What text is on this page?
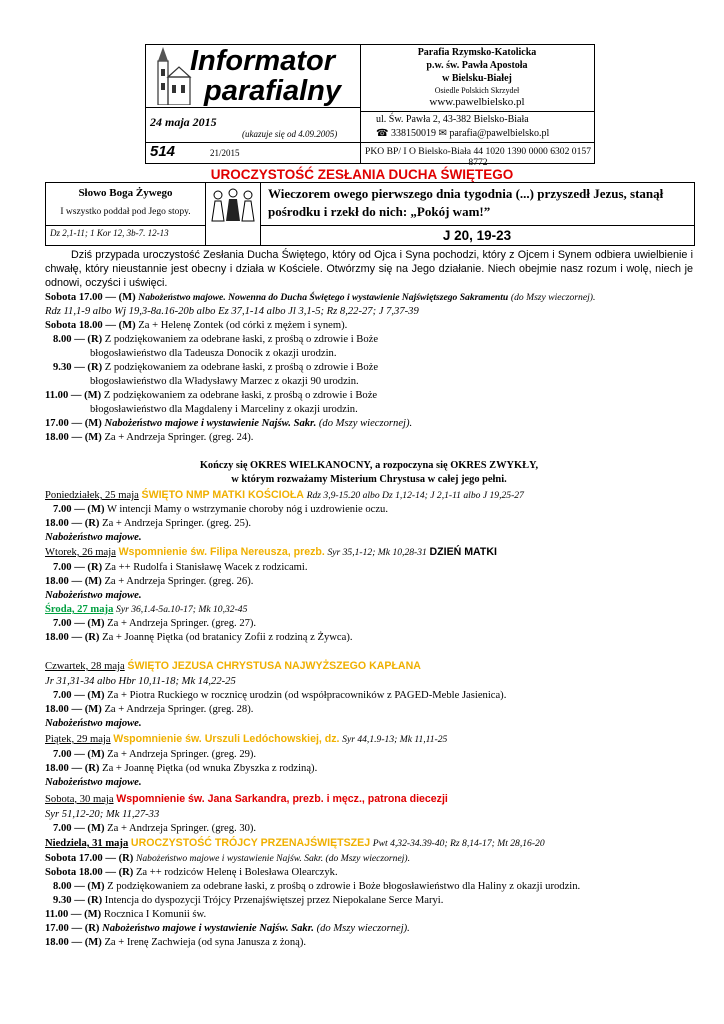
Informator
parafialny
24 maja 2015
(ukazuje się od 4.09.2005)
514	21/2015
Parafia Rzymsko-Katolicka
p.w. św. Pawła Apostoła
w Bielsku-Białej
Osiedle Polskich Skrzydeł
www.pawelbielsko.pl
ul. Św. Pawła 2, 43-382 Bielsko-Biała
☎ 338150019 ✉ parafia@pawelbielsko.pl
PKO BP/ I O Bielsko-Biała 44 1020 1390 0000 6302 0157 8772
UROCZYSTOŚĆ ZESŁANIA DUCHA ŚWIĘTEGO
Słowo Boga Żywego
I wszystko poddał pod Jego stopy.
Dz 2,1-11; 1 Kor 12, 3b-7. 12-13
Wieczorem owego pierwszego dnia tygodnia (...) przyszedł Jezus, stanął pośrodku i rzekł do nich: „Pokój wam!”
J 20, 19-23
Dziś przypada uroczystość Zesłania Ducha Świętego, który od Ojca i Syna pochodzi, który z Ojcem i Synem odbiera uwielbienie i chwałę, który nieustannie jest obecny i działa w Kościele. Otwórzmy się na Jego działanie. Niech obejmie nasz rozum i wolę, niech je odnowi, oczyści i uświęci.
Sobota 17.00 — (M) Nabożeństwo majowe. Nowenna do Ducha Świętego i wystawienie Najświętszego Sakramentu (do Mszy wieczornej).
Rdz 11,1-9 albo Wj 19,3-8a.16-20b albo Ez 37,1-14 albo Jl 3,1-5; Rz 8,22-27; J 7,37-39
Sobota 18.00 — (M) Za + Helenę Zontek (od córki z mężem i synem).
8.00 — (R) Z podziękowaniem za odebrane łaski, z prośbą o zdrowie i Boże
błogosławieństwo dla Tadeusza Donocik z okazji urodzin.
9.30 — (R) Z podziękowaniem za odebrane łaski, z prośbą o zdrowie i Boże
błogosławieństwo dla Władysławy Marzec z okazji 90 urodzin.
11.00 — (M) Z podziękowaniem za odebrane łaski, z prośbą o zdrowie i Boże
błogosławieństwo dla Magdaleny i Marceliny z okazji urodzin.
17.00 — (M) Nabożeństwo majowe i wystawienie Najśw. Sakr. (do Mszy wieczornej).
18.00 — (M) Za + Andrzeja Springer. (greg. 24).
Kończy się OKRES WIELKANOCNY, a rozpoczyna się OKRES ZWYKŁY,
w którym rozważamy Misterium Chrystusa w całej jego pełni.
Poniedziałek, 25 maja ŚWIĘTO NMP MATKI KOŚCIOŁA Rdz 3,9-15.20 albo Dz 1,12-14; J 2,1-11 albo J 19,25-27
7.00 — (M) W intencji Mamy o wstrzymanie choroby nóg i uzdrowienie oczu.
18.00 — (R) Za + Andrzeja Springer. (greg. 25).
Nabożeństwo majowe.
Wtorek, 26 maja Wspomnienie św. Filipa Nereusza, prezb. Syr 35,1-12; Mk 10,28-31 DZIEŃ MATKI
7.00 — (R) Za ++ Rudolfa i Stanisławę Wacek z rodzicami.
18.00 — (M) Za + Andrzeja Springer. (greg. 26).
Nabożeństwo majowe.
Środa, 27 maja Syr 36,1.4-5a.10-17; Mk 10,32-45
7.00 — (M) Za + Andrzeja Springer. (greg. 27).
18.00 — (R) Za + Joannę Piętka (od bratanicy Zofii z rodziną z Żywca).
Czwartek, 28 maja ŚWIĘTO JEZUSA CHRYSTUSA NAJWYŻSZEGO KAPŁANA
Jr 31,31-34 albo Hbr 10,11-18; Mk 14,22-25
7.00 — (M) Za + Piotra Ruckiego w rocznicę urodzin (od współpracowników z PAGED-Meble Jasienica).
18.00 — (M) Za + Andrzeja Springer. (greg. 28).
Nabożeństwo majowe.
Piątek, 29 maja Wspomnienie św. Urszuli Ledóchowskiej, dz. Syr 44,1.9-13; Mk 11,11-25
7.00 — (M) Za + Andrzeja Springer. (greg. 29).
18.00 — (R) Za + Joannę Piętka (od wnuka Zbyszka z rodziną).
Nabożeństwo majowe.
Sobota, 30 maja Wspomnienie św. Jana Sarkandra, prezb. i męcz., patrona diecezji
Syr 51,12-20; Mk 11,27-33
7.00 — (M) Za + Andrzeja Springer. (greg. 30).
Niedziela, 31 maja UROCZYSTOŚĆ TRÓJCY PRZENAJŚWIĘTSZEJ Pwt 4,32-34.39-40; Rz 8,14-17; Mt 28,16-20
Sobota 17.00 — (R) Nabożeństwo majowe i wystawienie Najśw. Sakr. (do Mszy wieczornej).
Sobota 18.00 — (R) Za ++ rodziców Helenę i Bolesława Olearczyk.
8.00 — (M) Z podziękowaniem za odebrane łaski, z prośbą o zdrowie i Boże błogosławieństwo dla Haliny z okazji urodzin.
9.30 — (R) Intencja do dyspozycji Trójcy Przenajświętszej przez Niepokalane Serce Maryi.
11.00 — (M) Rocznica I Komunii św.
17.00 — (R) Nabożeństwo majowe i wystawienie Najśw. Sakr. (do Mszy wieczornej).
18.00 — (M) Za + Irenę Zachwieja (od syna Janusza z żoną).
